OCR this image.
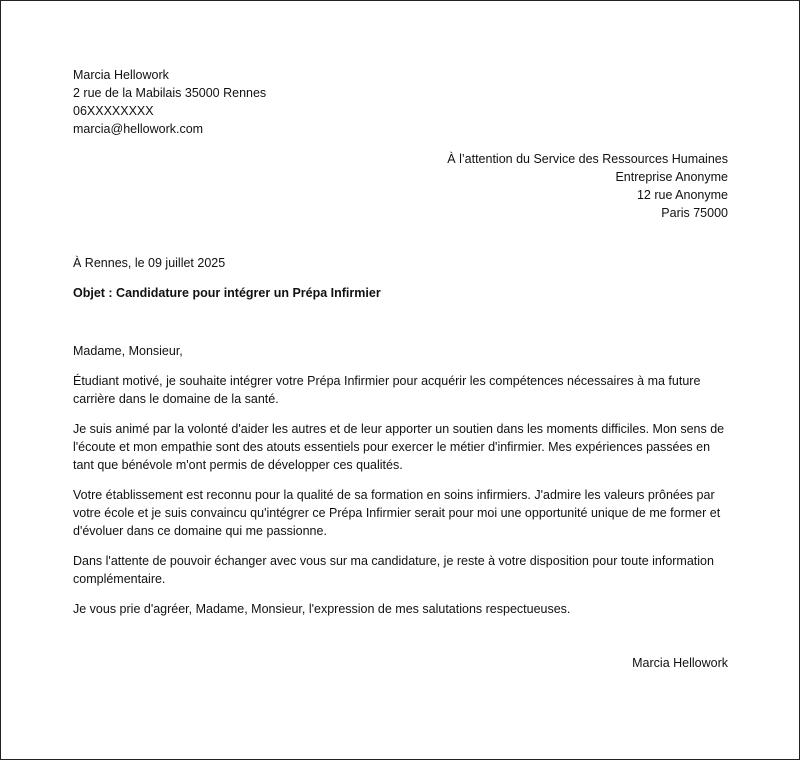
Marcia Hellowork
2 rue de la Mabilais 35000 Rennes
06XXXXXXXX
marcia@hellowork.com
À l’attention du Service des Ressources Humaines
Entreprise Anonyme
12 rue Anonyme
Paris 75000
À Rennes, le 09 juillet 2025
Objet : Candidature pour intégrer un Prépa Infirmier
Madame, Monsieur,
Étudiant motivé, je souhaite intégrer votre Prépa Infirmier pour acquérir les compétences nécessaires à ma future carrière dans le domaine de la santé.
Je suis animé par la volonté d'aider les autres et de leur apporter un soutien dans les moments difficiles. Mon sens de l'écoute et mon empathie sont des atouts essentiels pour exercer le métier d'infirmier. Mes expériences passées en tant que bénévole m'ont permis de développer ces qualités.
Votre établissement est reconnu pour la qualité de sa formation en soins infirmiers. J'admire les valeurs prônées par votre école et je suis convaincu qu'intégrer ce Prépa Infirmier serait pour moi une opportunité unique de me former et d'évoluer dans ce domaine qui me passionne.
Dans l'attente de pouvoir échanger avec vous sur ma candidature, je reste à votre disposition pour toute information complémentaire.
Je vous prie d'agréer, Madame, Monsieur, l'expression de mes salutations respectueuses.
Marcia Hellowork
